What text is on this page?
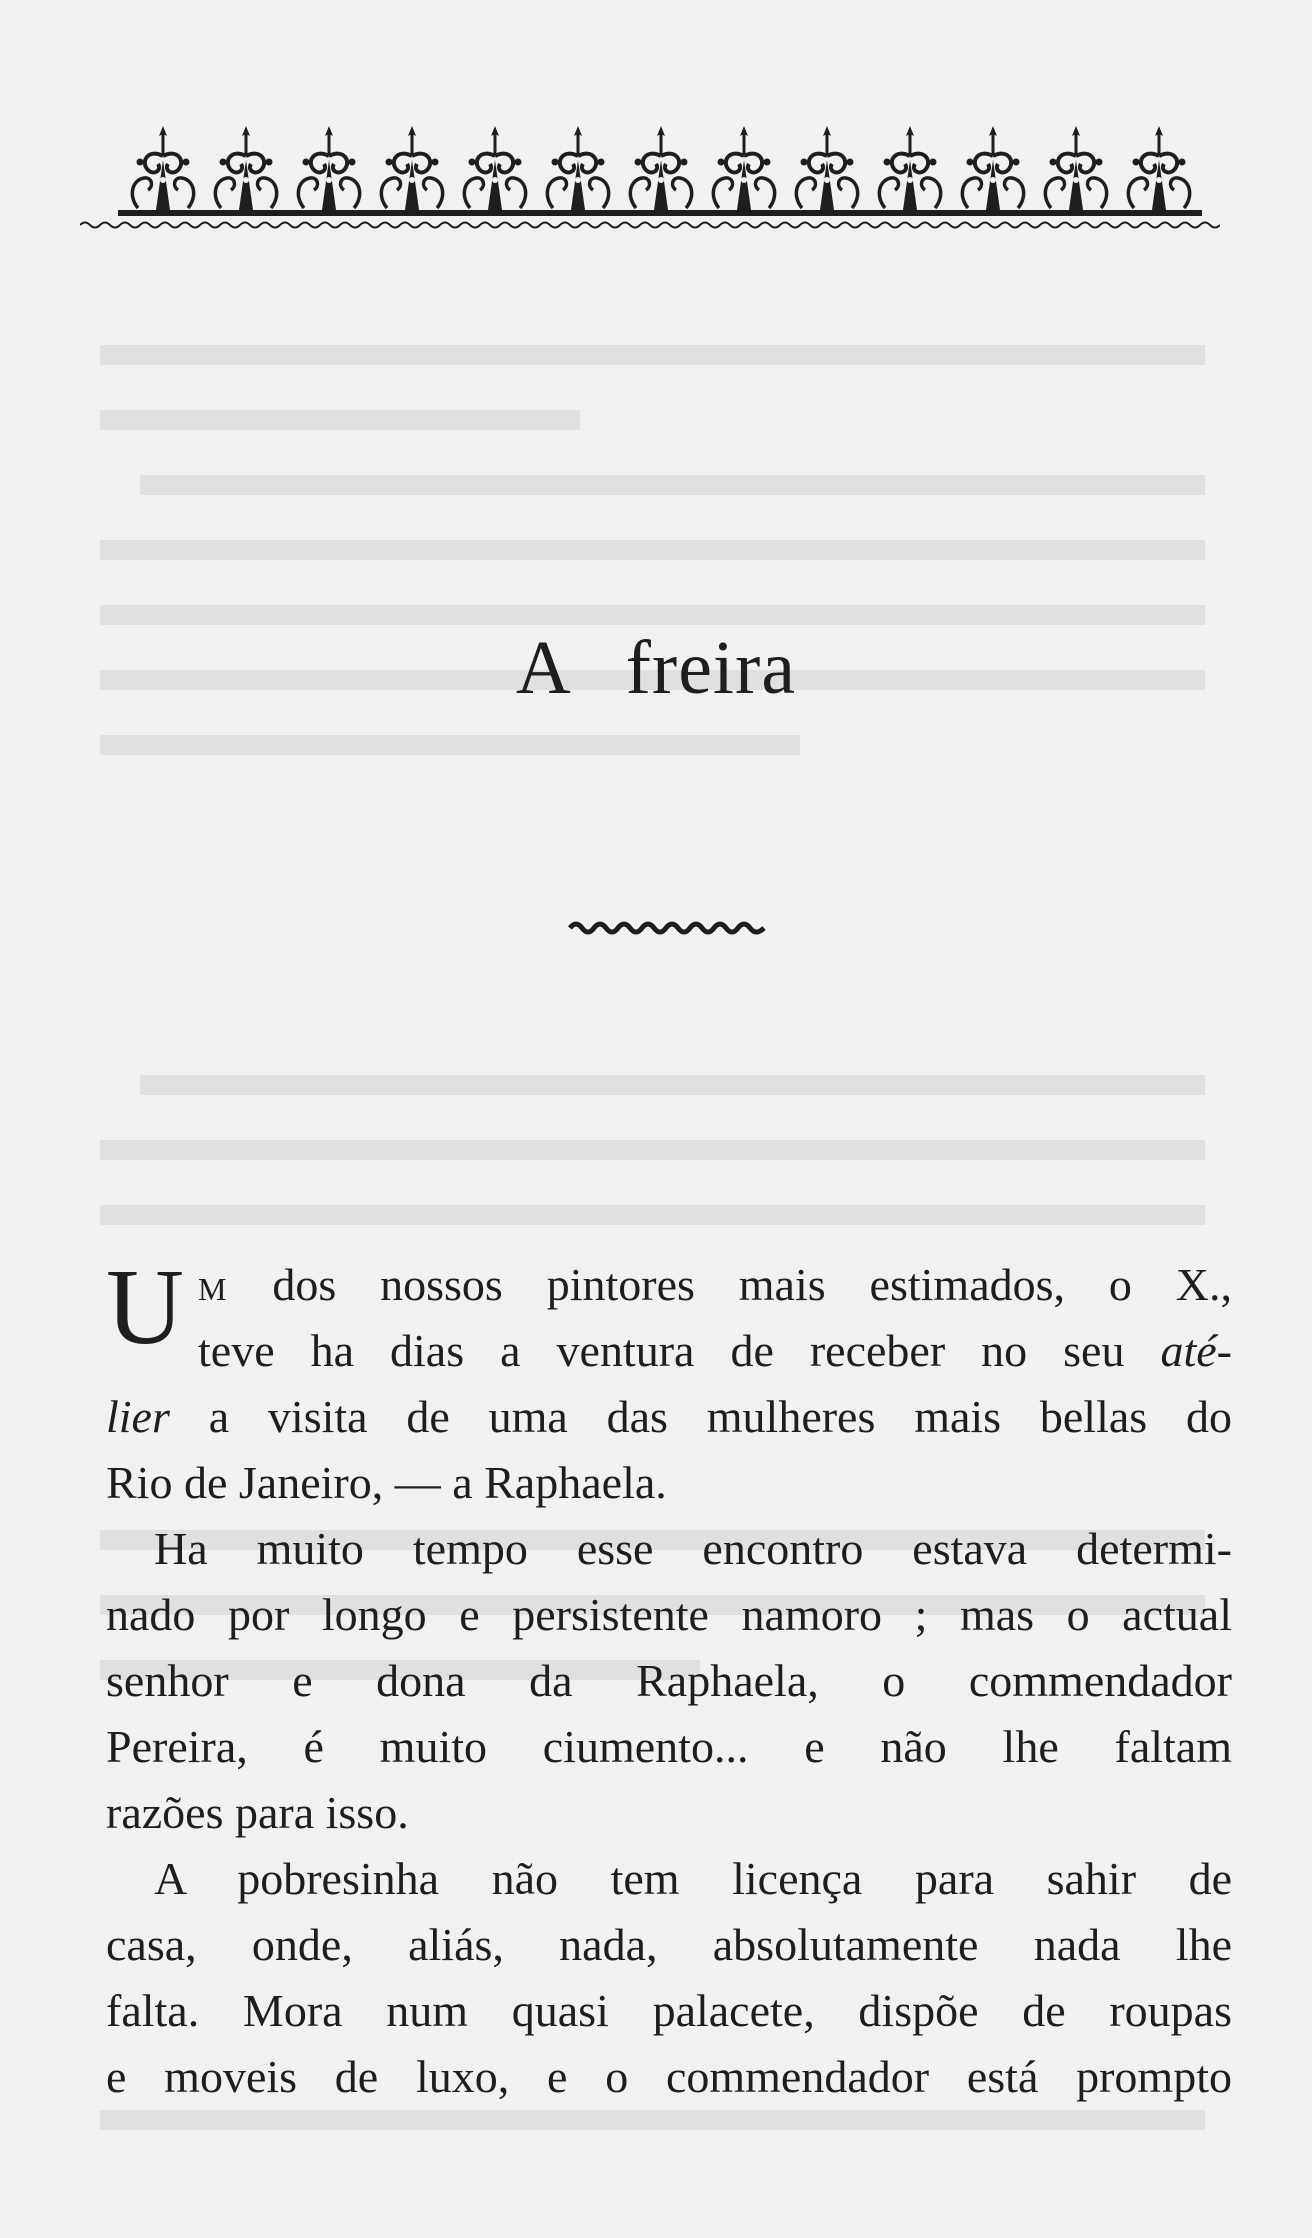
A freira

Um dos nossos pintores mais estimados, o X.,
teve ha dias a ventura de receber no seu até-
lier a visita de uma das mulheres mais bellas do

Rio de Janeiro, — a Raphaela.

Ha muito tempo esse encontro estava determi-

nado por longo e persistente namoro ; mas o actual

senhor e dona da Raphaela, o commendador

Pereira, é muito ciumento... e não lhe faltam

razões para isso.

A pobresinha não tem licença para sahir de

casa, onde, aliás, nada, absolutamente nada lhe

falta. Mora num quasi palacete, dispõe de roupas

e moveis de luxo, e o commendador está prompto
